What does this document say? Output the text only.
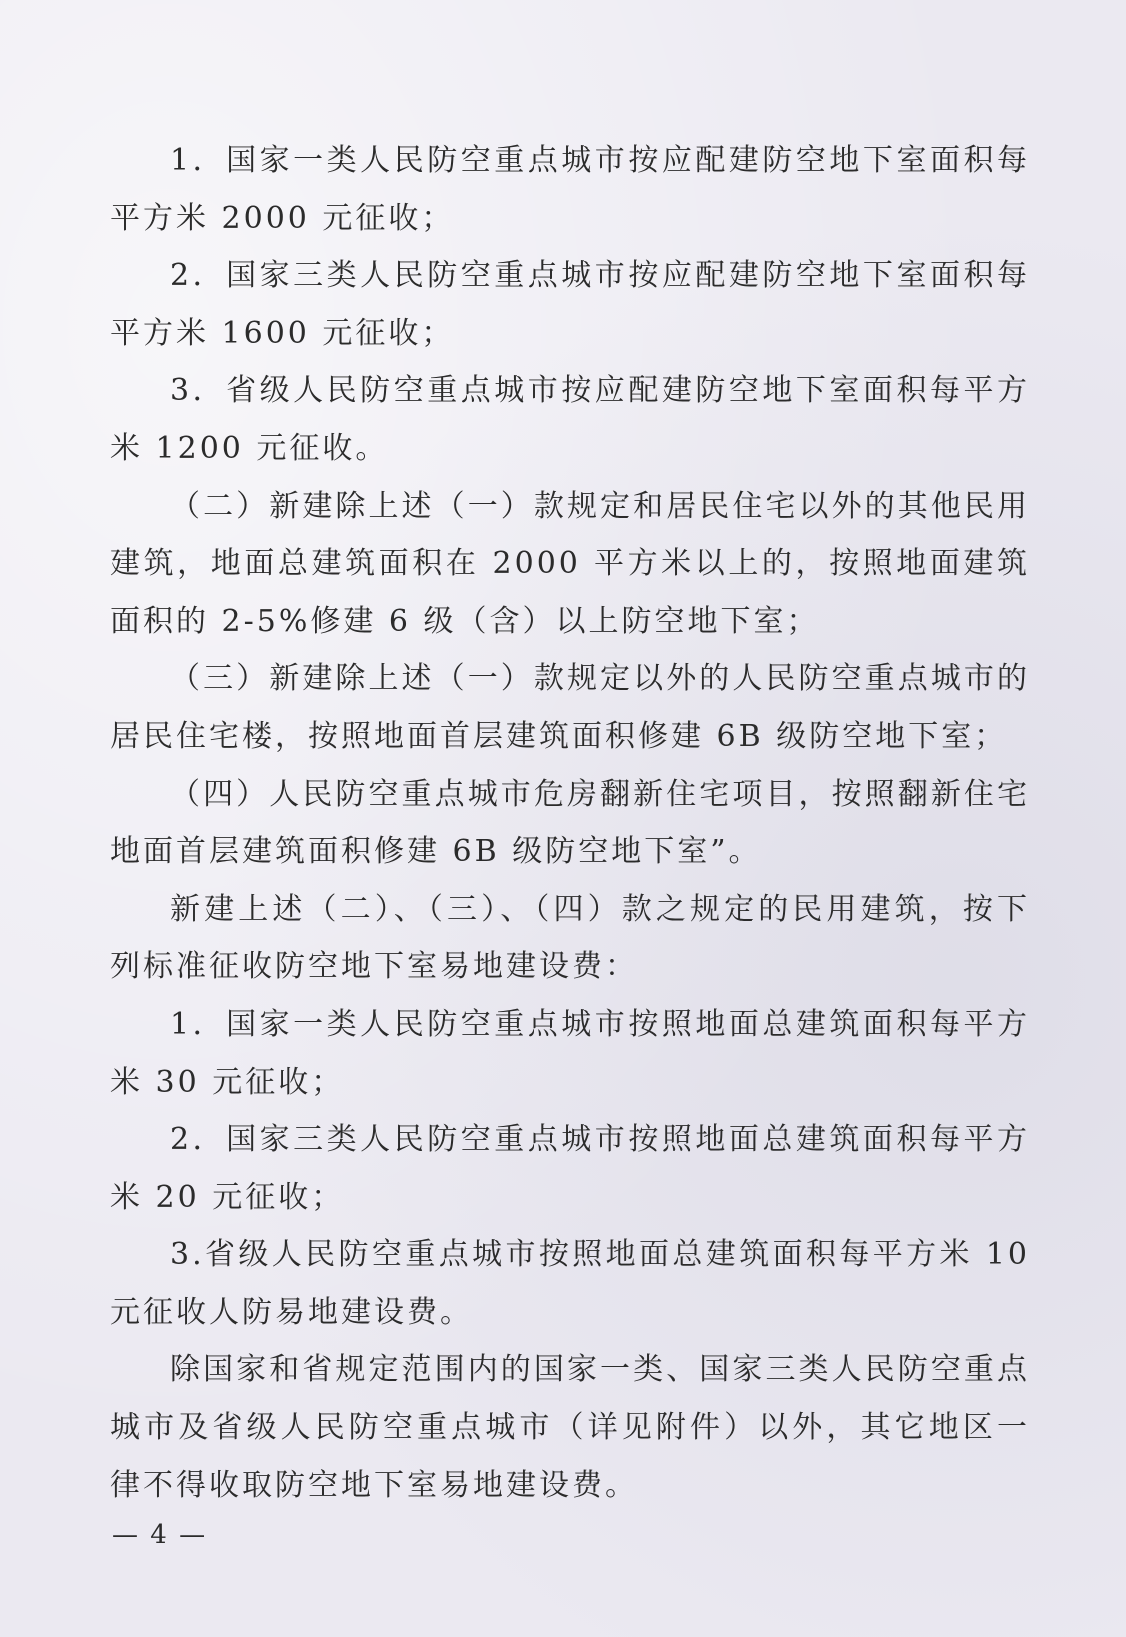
1．国家一类人民防空重点城市按应配建防空地下室面积每平方米 2000 元征收；

2．国家三类人民防空重点城市按应配建防空地下室面积每平方米 1600 元征收；

3．省级人民防空重点城市按应配建防空地下室面积每平方米 1200 元征收。

（二）新建除上述（一）款规定和居民住宅以外的其他民用建筑，地面总建筑面积在 2000 平方米以上的，按照地面建筑面积的 2-5%修建 6 级（含）以上防空地下室；

（三）新建除上述（一）款规定以外的人民防空重点城市的居民住宅楼，按照地面首层建筑面积修建 6B 级防空地下室；

（四）人民防空重点城市危房翻新住宅项目，按照翻新住宅地面首层建筑面积修建 6B 级防空地下室”。

新建上述（二）、（三）、（四）款之规定的民用建筑，按下列标准征收防空地下室易地建设费：

1．国家一类人民防空重点城市按照地面总建筑面积每平方米 30 元征收；

2．国家三类人民防空重点城市按照地面总建筑面积每平方米 20 元征收；

3.省级人民防空重点城市按照地面总建筑面积每平方米 10 元征收人防易地建设费。

除国家和省规定范围内的国家一类、国家三类人民防空重点城市及省级人民防空重点城市（详见附件）以外，其它地区一律不得收取防空地下室易地建设费。

— 4 —
